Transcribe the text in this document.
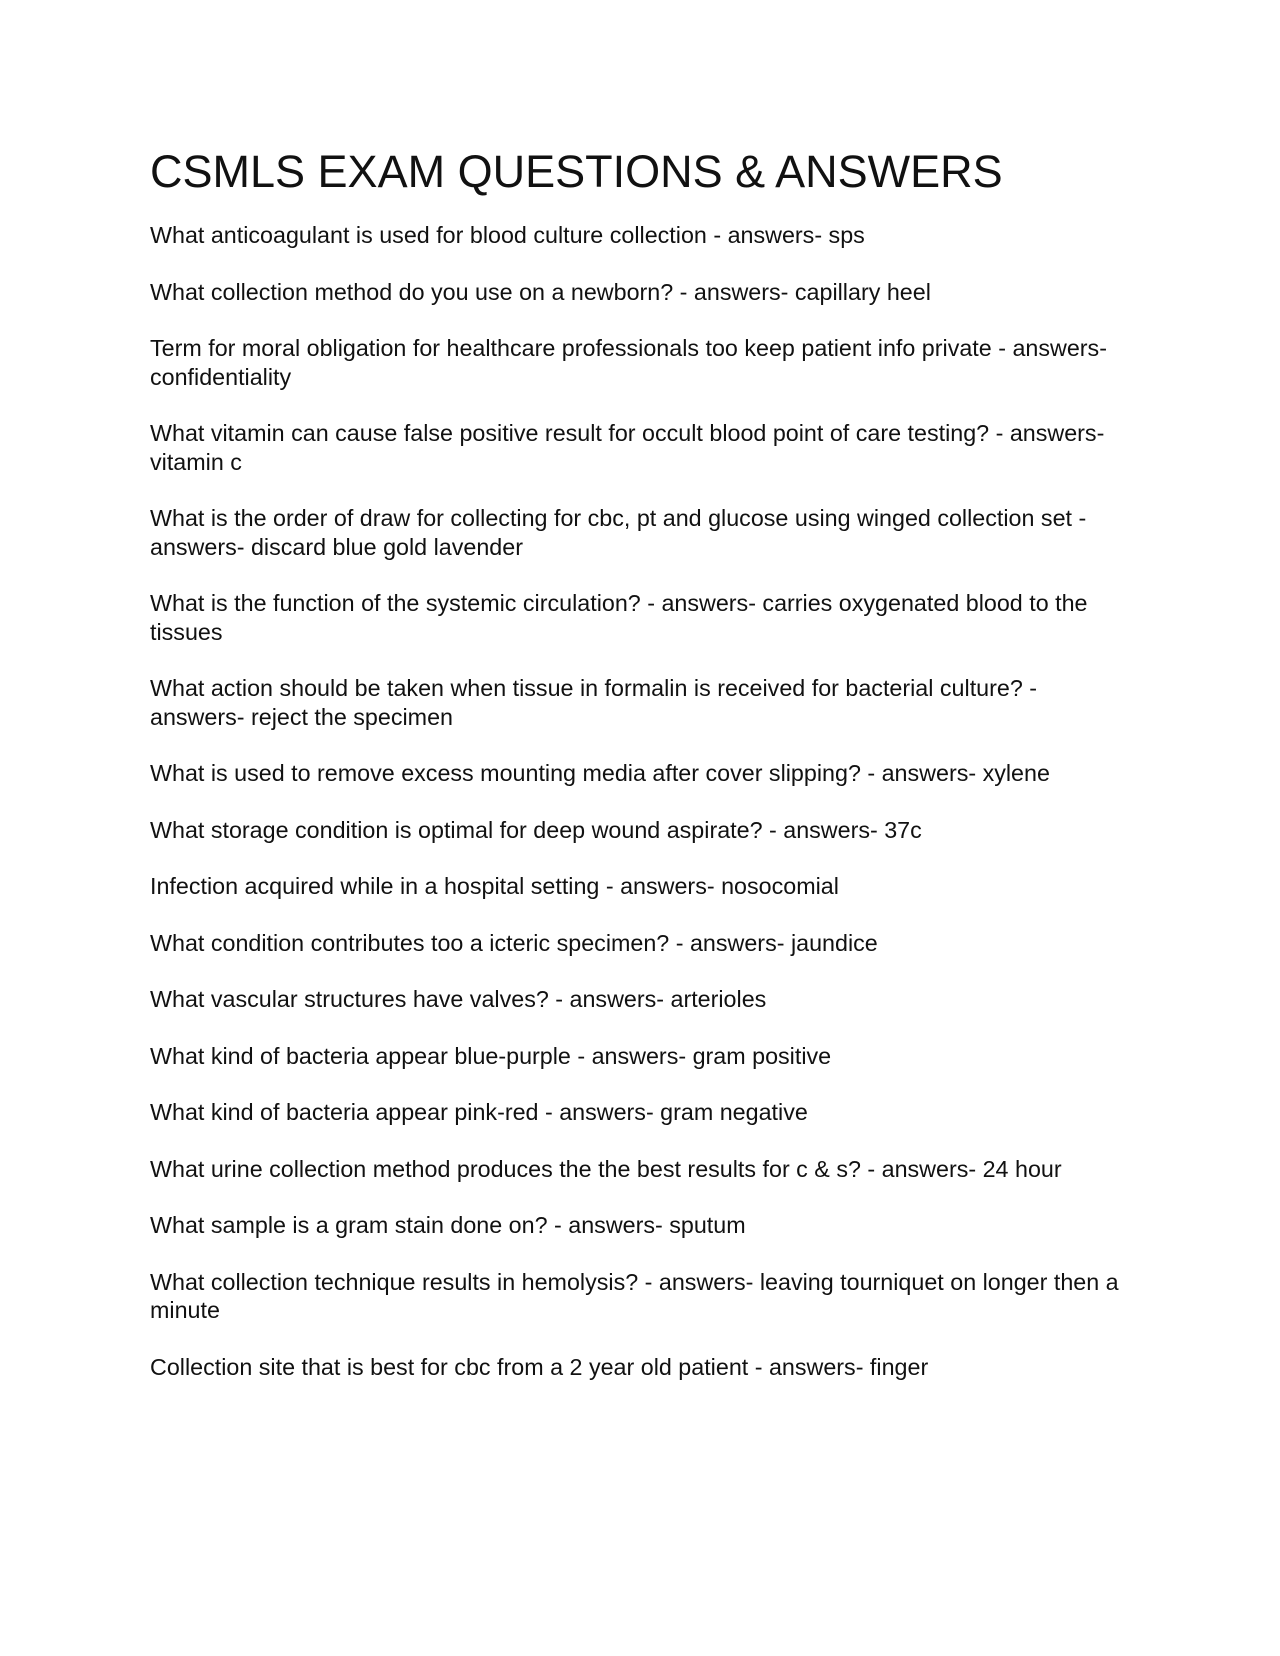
CSMLS EXAM QUESTIONS & ANSWERS
What anticoagulant is used for blood culture collection - answers- sps
What collection method do you use on a newborn? - answers- capillary heel
Term for moral obligation for healthcare professionals too keep patient info private - answers- confidentiality
What vitamin can cause false positive result for occult blood point of care testing? - answers- vitamin c
What is the order of draw for collecting for cbc, pt and glucose using winged collection set - answers- discard blue gold lavender
What is the function of the systemic circulation? - answers- carries oxygenated blood to the tissues
What action should be taken when tissue in formalin is received for bacterial culture? - answers- reject the specimen
What is used to remove excess mounting media after cover slipping? - answers- xylene
What storage condition is optimal for deep wound aspirate? - answers- 37c
Infection acquired while in a hospital setting - answers- nosocomial
What condition contributes too a icteric specimen? - answers- jaundice
What vascular structures have valves? - answers- arterioles
What kind of bacteria appear blue-purple - answers- gram positive
What kind of bacteria appear pink-red - answers- gram negative
What urine collection method produces the the best results for c & s? - answers- 24 hour
What sample is a gram stain done on? - answers- sputum
What collection technique results in hemolysis? - answers- leaving tourniquet on longer then a minute
Collection site that is best for cbc from a 2 year old patient - answers- finger
